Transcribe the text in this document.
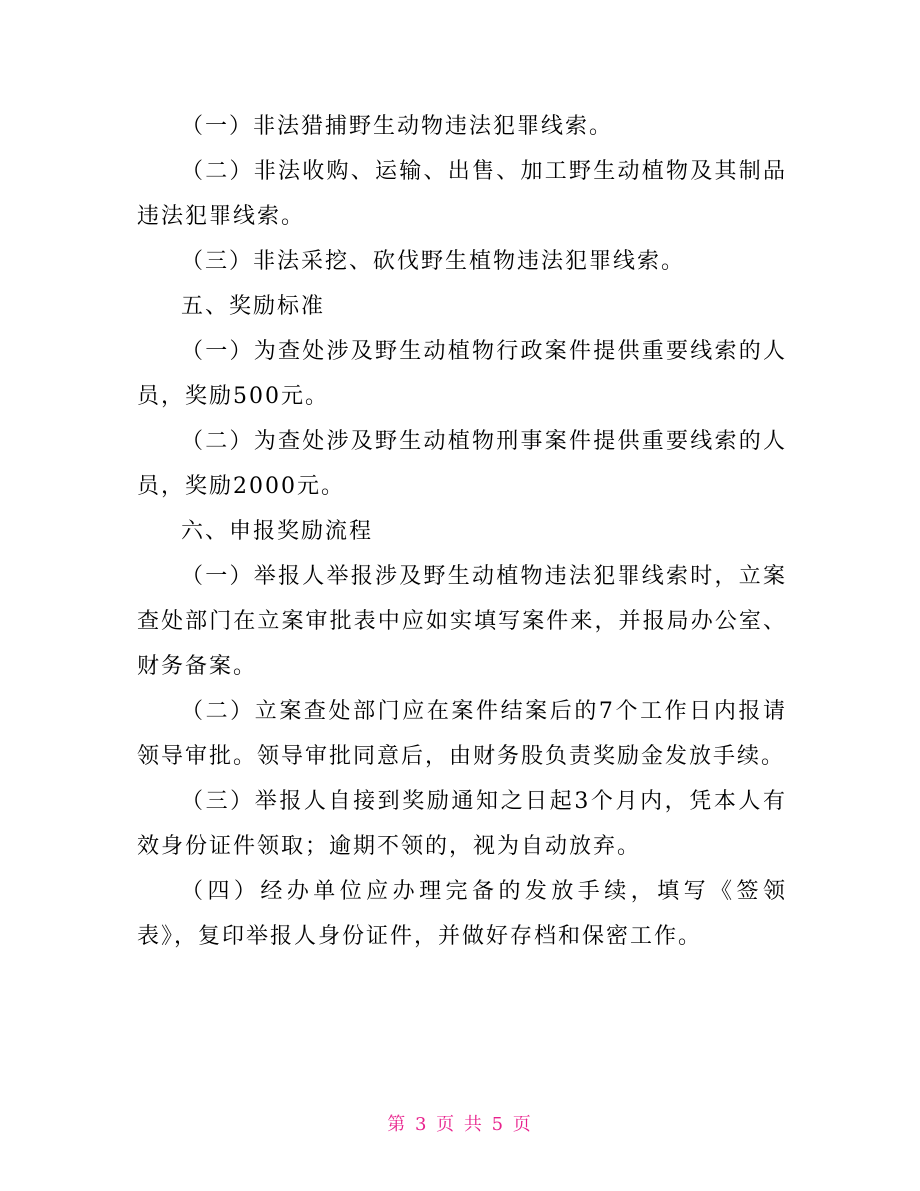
（一）非法猎捕野生动物违法犯罪线索。

（二）非法收购、运输、出售、加工野生动植物及其制品违法犯罪线索。

（三）非法采挖、砍伐野生植物违法犯罪线索。

五、奖励标准

（一）为查处涉及野生动植物行政案件提供重要线索的人员，奖励500元。

（二）为查处涉及野生动植物刑事案件提供重要线索的人员，奖励2000元。

六、申报奖励流程

（一）举报人举报涉及野生动植物违法犯罪线索时，立案查处部门在立案审批表中应如实填写案件来，并报局办公室、财务备案。

（二）立案查处部门应在案件结案后的7个工作日内报请领导审批。领导审批同意后，由财务股负责奖励金发放手续。

（三）举报人自接到奖励通知之日起3个月内，凭本人有效身份证件领取；逾期不领的，视为自动放弃。

（四）经办单位应办理完备的发放手续，填写《签领表》，复印举报人身份证件，并做好存档和保密工作。

第 3 页 共 5 页
